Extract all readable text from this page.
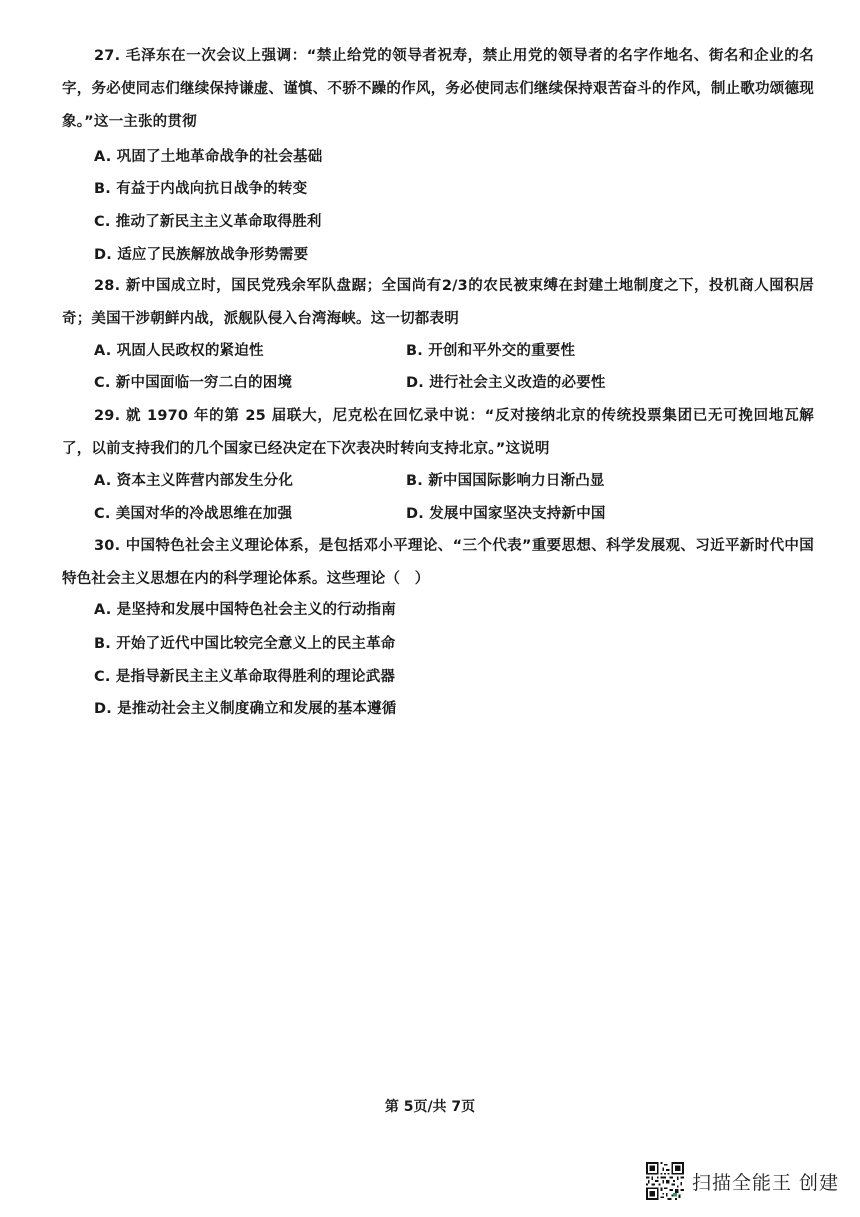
27. 毛泽东在一次会议上强调：“禁止给党的领导者祝寿，禁止用党的领导者的名字作地名、街名和企业的名字，务必使同志们继续保持谦虚、谨慎、不骄不躁的作风，务必使同志们继续保持艰苦奋斗的作风，制止歌功颂德现象。”这一主张的贯彻
A. 巩固了土地革命战争的社会基础
B. 有益于内战向抗日战争的转变
C. 推动了新民主主义革命取得胜利
D. 适应了民族解放战争形势需要
28. 新中国成立时，国民党残余军队盘踞；全国尚有2/3的农民被束缚在封建土地制度之下，投机商人囤积居奇；美国干涉朝鲜内战，派舰队侵入台湾海峡。这一切都表明
A. 巩固人民政权的紧迫性	B. 开创和平外交的重要性
C. 新中国面临一穷二白的困境	D. 进行社会主义改造的必要性
29. 就 1970 年的第 25 届联大，尼克松在回忆录中说：“反对接纳北京的传统投票集团已无可挽回地瓦解了，以前支持我们的几个国家已经决定在下次表决时转向支持北京。”这说明
A. 资本主义阵营内部发生分化	B. 新中国国际影响力日渐凸显
C. 美国对华的冷战思维在加强	D. 发展中国家坚决支持新中国
30. 中国特色社会主义理论体系，是包括邓小平理论、“三个代表”重要思想、科学发展观、习近平新时代中国特色社会主义思想在内的科学理论体系。这些理论（　）
A. 是坚持和发展中国特色社会主义的行动指南
B. 开始了近代中国比较完全意义上的民主革命
C. 是指导新民主主义革命取得胜利的理论武器
D. 是推动社会主义制度确立和发展的基本遵循
第 5页/共 7页
扫描全能王 创建
